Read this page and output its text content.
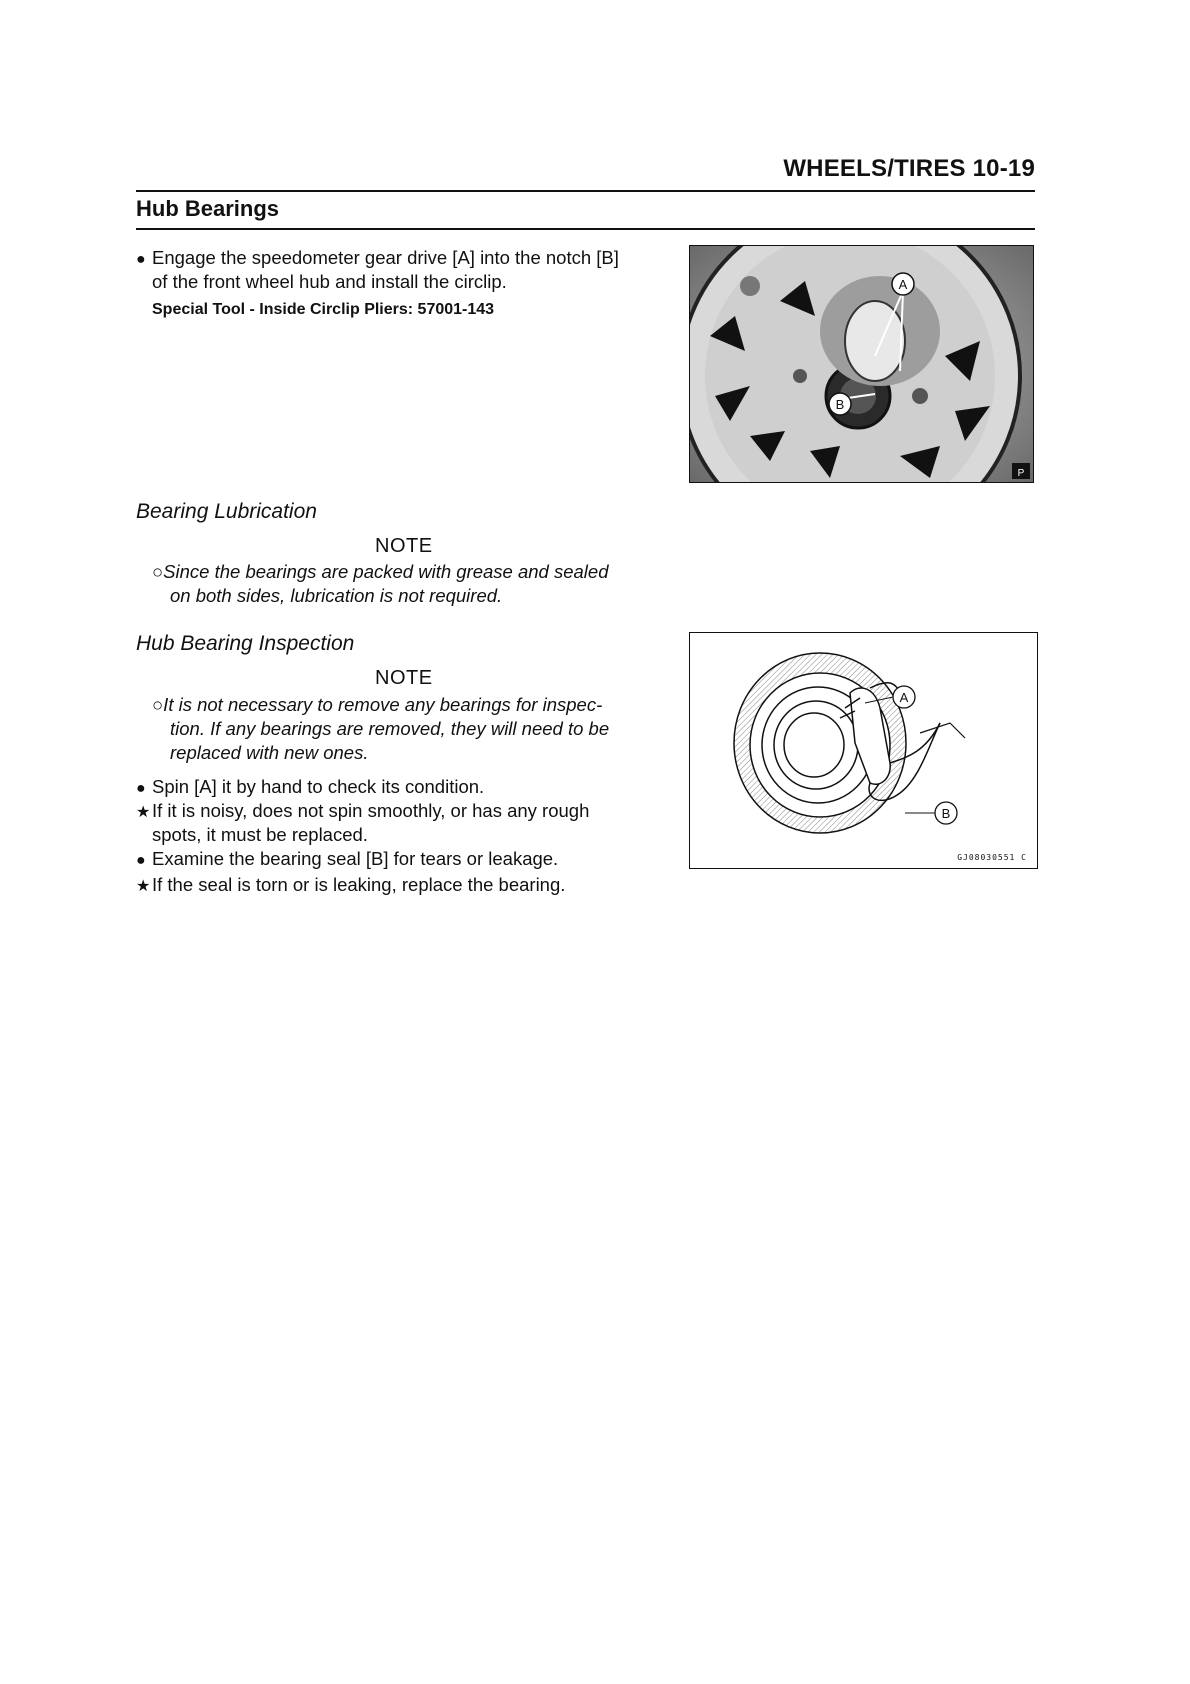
WHEELS/TIRES 10-19
Hub Bearings
● Engage the speedometer gear drive [A] into the notch [B]
of the front wheel hub and install the circlip.
Special Tool - Inside Circlip Pliers: 57001-143
A
B
P
Bearing Lubrication
NOTE
○Since the bearings are packed with grease and sealed
on both sides, lubrication is not required.
Hub Bearing Inspection
NOTE
○It is not necessary to remove any bearings for inspec-
tion. If any bearings are removed, they will need to be
replaced with new ones.
● Spin [A] it by hand to check its condition.
★If it is noisy, does not spin smoothly, or has any rough
spots, it must be replaced.
● Examine the bearing seal [B] for tears or leakage.
★If the seal is torn or is leaking, replace the bearing.
A
B
GJ08030551 C
